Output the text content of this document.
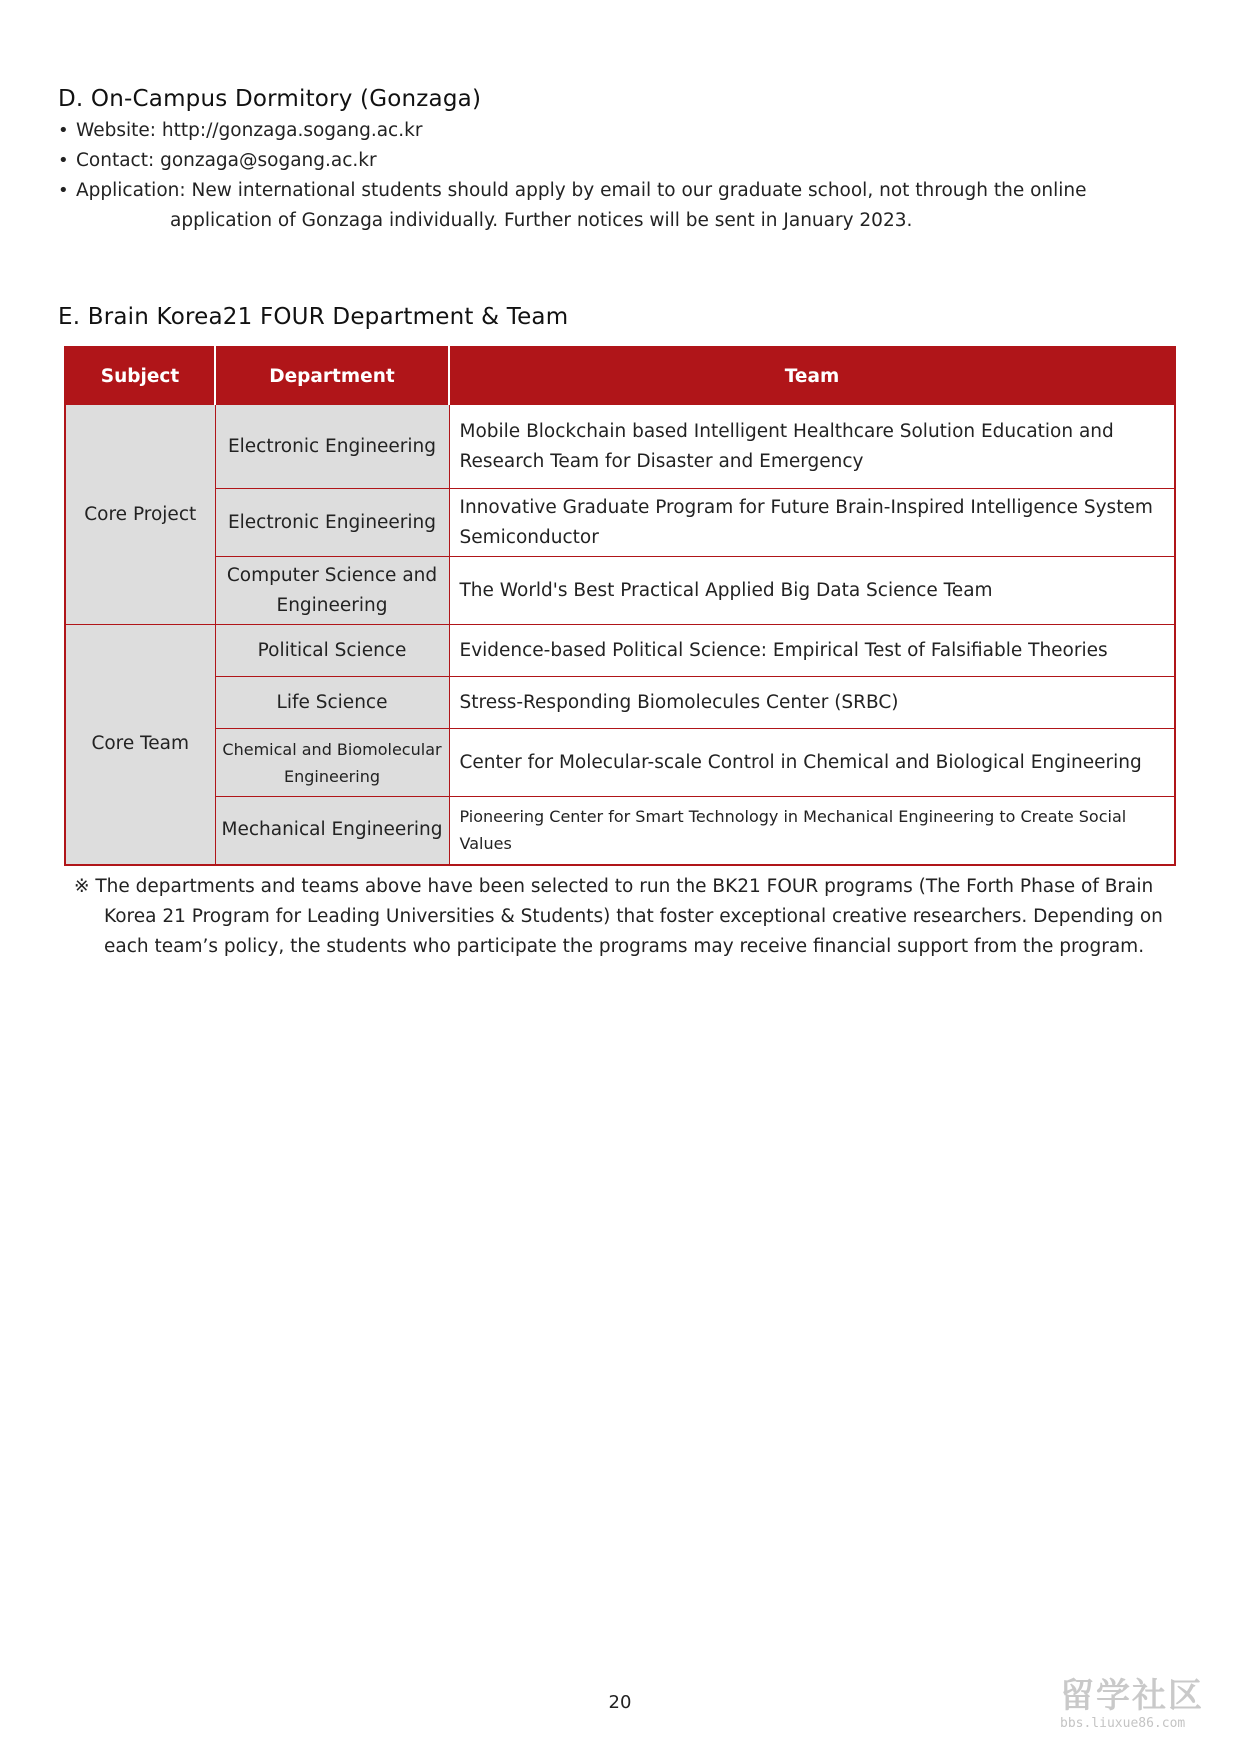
D. On-Campus Dormitory (Gonzaga)
• Website: http://gonzaga.sogang.ac.kr
• Contact: gonzaga@sogang.ac.kr
• Application: New international students should apply by email to our graduate school, not through the online
application of Gonzaga individually. Further notices will be sent in January 2023.
E. Brain Korea21 FOUR Department & Team
Subject	Department	Team
Core Project	Electronic Engineering	Mobile Blockchain based Intelligent Healthcare Solution Education and
Research Team for Disaster and Emergency

	Electronic Engineering	Innovative Graduate Program for Future Brain-Inspired Intelligence System
Semiconductor

	Computer Science and Engineering	The World's Best Practical Applied Big Data Science Team
Core Team	Political Science	Evidence-based Political Science: Empirical Test of Falsifiable Theories
	Life Science	Stress-Responding Biomolecules Center (SRBC)
	Chemical and Biomolecular Engineering	Center for Molecular-scale Control in Chemical and Biological Engineering
	Mechanical Engineering	Pioneering Center for Smart Technology in Mechanical Engineering to Create Social
Values
※ The departments and teams above have been selected to run the BK21 FOUR programs (The Forth Phase of Brain
Korea 21 Program for Leading Universities & Students) that foster exceptional creative researchers. Depending on
each team’s policy, the students who participate the programs may receive financial support from the program.
20	留学社区
bbs.liuxue86.com
